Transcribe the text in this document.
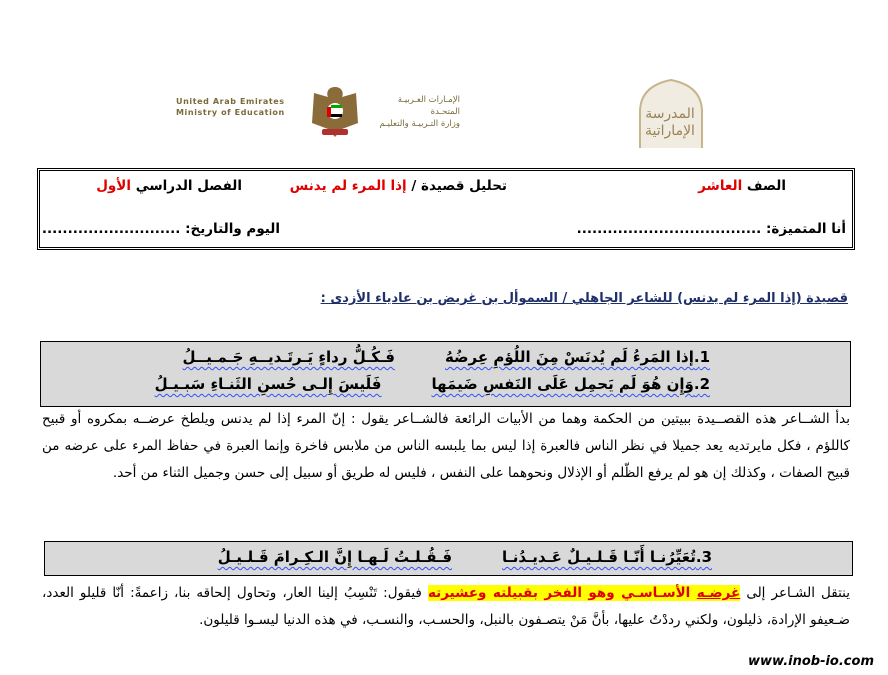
United Arab Emirates
Ministry of Education
الإمـارات العـربيـة المتحـدة
وزارة التـربيـة والتعليـم
المدرسة
الإماراتية
الصف العاشر
تحليل قصيدة / إذا المرء لم يدنس
الفصل الدراسي الأول
أنا المتميزة: ....................................
اليوم والتاريخ: ...........................
قصيدة (إذا المرء لم يدنس) للشاعر الجاهلي / السموأل بن غريض بن عادياء الأزدى :
1.إذا المَرءُ لَم يُدنَسْ مِنَ اللُؤمِ عِرضُهُفَـكُـلُّ رداءٍ يَـرتَـديــهِ جَـمـيــلُ
2.وَإِن هُوَ لَم يَحمِل عَلَى النَفسِ ضَيمَهافَلَيسَ إِلـى حُسنِ الثَنـاءِ سَبـيـلُ
بدأ الشــاعر هذه القصــيدة ببيتين من الحكمة وهما من الأبيات الرائعة فالشــاعر يقول : إنّ المرء إذا لم يدنس ويلطخ عرضــه بمكروه أو قبيح كاللؤم ، فكل مايرتديه يعد جميلا في نظر الناس فالعبرة إذا ليس بما يلبسه الناس من ملابس فاخرة وإنما العبرة في حفاظ المرء على عرضه من قبيح الصفات ، وكذلك إن هو لم يرفع الظّلم أو الإذلال ونحوهما على النفس ، فليس له طريق أو سبيل إلى حسن وجميل الثناء من أحد.
3.تُعَيِّرُنـا أَنّـا قَـلـيـلٌ عَـديـدُنـافَـقُـلـتُ لَـهـا إِنَّ الـكِـرامَ قَـلـيـلُ
ينتقل الشـاعر إلى غرضـه الأسـاسـي وهو الفخر بقبيلته وعشيرته فيقول: تَنْسِبُ إلينا العار، وتحاول إلحاقه بنا، زاعمةً: أنّا قليلو العدد، ضـعيفو الإرادة، ذليلون، ولكني رددْتُ عليها، بأنَّ مَنْ يتصـفون بالنبل، والحسـب، والنسـب، في هذه الدنيا ليسـوا قليلون.
www.inob-io.com
